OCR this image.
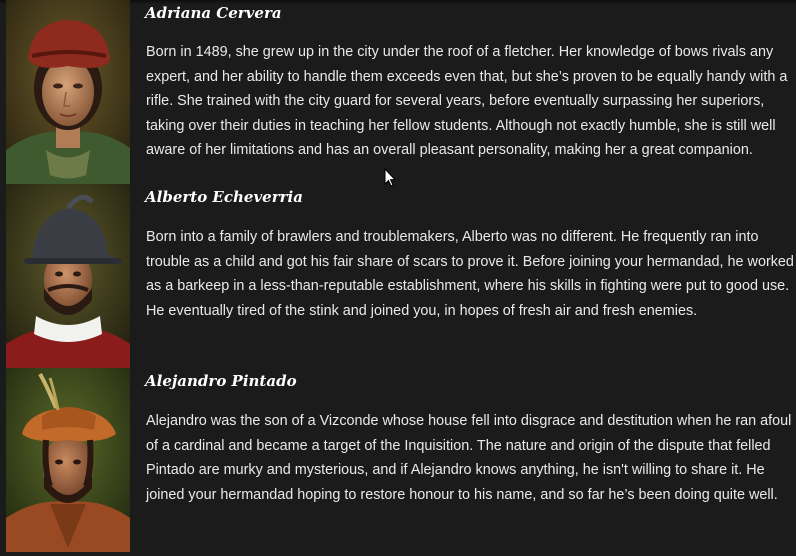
Adriana Cervera

Born in 1489, she grew up in the city under the roof of a fletcher. Her knowledge of bows rivals any
expert, and her ability to handle them exceeds even that, but she’s proven to be equally handy with a
rifle. She trained with the city guard for several years, before eventually surpassing her superiors,
taking over their duties in teaching her fellow students. Although not exactly humble, she is still well
aware of her limitations and has an overall pleasant personality, making her a great companion.

Alberto Echeverria

Born into a family of brawlers and troublemakers, Alberto was no different. He frequently ran into
trouble as a child and got his fair share of scars to prove it. Before joining your hermandad, he worked
as a barkeep in a less-than-reputable establishment, where his skills in fighting were put to good use.
He eventually tired of the stink and joined you, in hopes of fresh air and fresh enemies.

Alejandro Pintado

Alejandro was the son of a Vizconde whose house fell into disgrace and destitution when he ran afoul
of a cardinal and became a target of the Inquisition. The nature and origin of the dispute that felled
Pintado are murky and mysterious, and if Alejandro knows anything, he isn't willing to share it. He
joined your hermandad hoping to restore honour to his name, and so far he’s been doing quite well.
